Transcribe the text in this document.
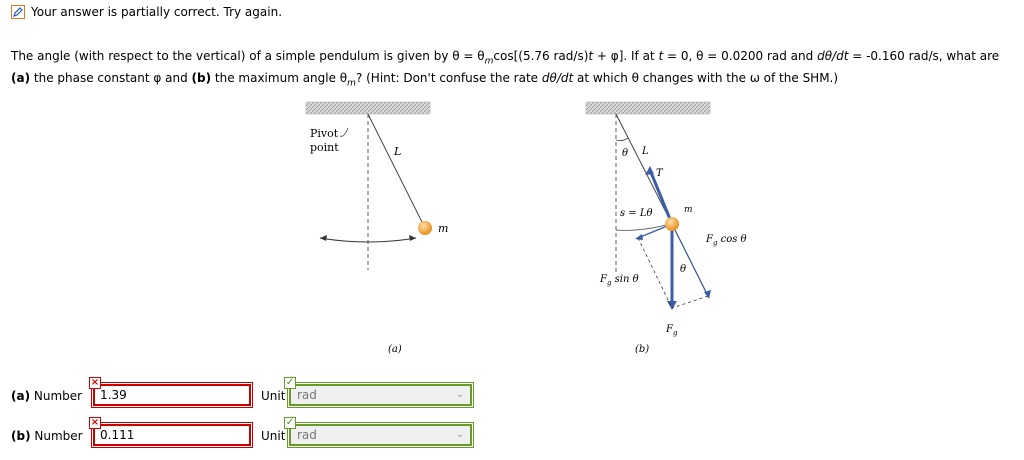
Your answer is partially correct. Try again.
The angle (with respect to the vertical) of a simple pendulum is given by $\theta = \theta_m\cos[(5.76$ rad/s)t + φ]. If at t = 0, θ = 0.0200 rad and dθ/dt = -0.160 rad/s, what are
(a) the phase constant φ and (b) the maximum angle $\theta_m$? (Hint: Don't confuse the rate dθ/dt at which θ changes with the ω of the SHM.)
Pivot
point	L
m
(a)
θ L
T
s = Lθ	m
$F_g$ cos θ
θ
$F_g$ sin θ
$F_g$
(b)
(a) Number
1.39
×
Unit rad	⌄
✓
(b) Number
0.111
×
Unit rad	⌄
✓
